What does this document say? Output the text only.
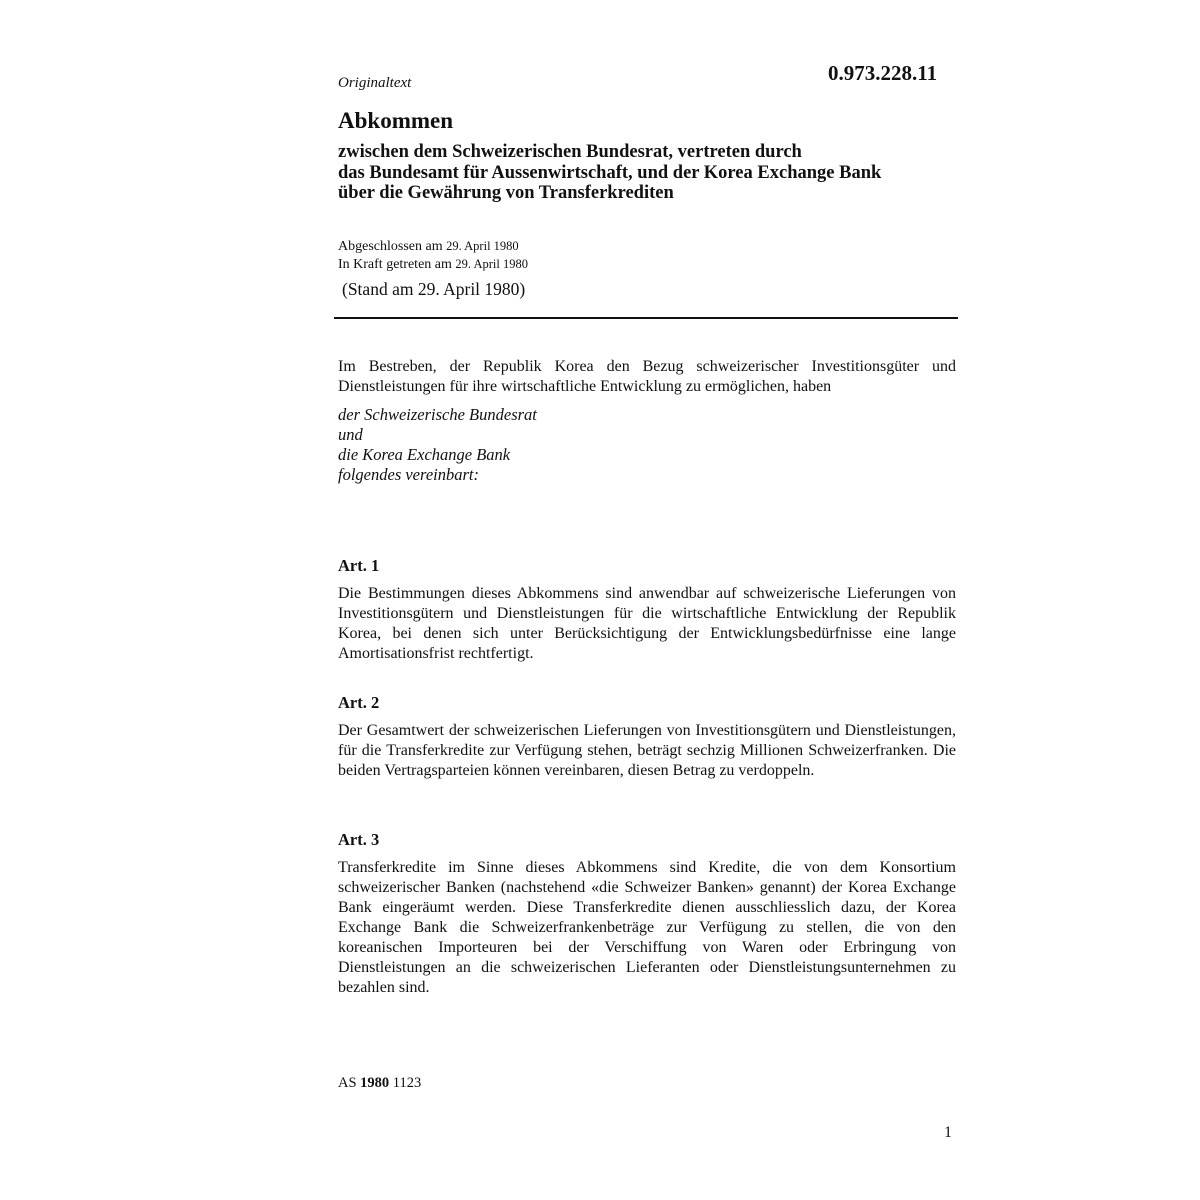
0.973.228.11
Originaltext
Abkommen
zwischen dem Schweizerischen Bundesrat, vertreten durch
das Bundesamt für Aussenwirtschaft, und der Korea Exchange Bank
über die Gewährung von Transferkrediten
Abgeschlossen am 29. April 1980
In Kraft getreten am 29. April 1980
(Stand am 29. April 1980)
Im Bestreben, der Republik Korea den Bezug schweizerischer Investitionsgüter und Dienstleistungen für ihre wirtschaftliche Entwicklung zu ermöglichen, haben
der Schweizerische Bundesrat
und
die Korea Exchange Bank
folgendes vereinbart:
Art. 1
Die Bestimmungen dieses Abkommens sind anwendbar auf schweizerische Lieferungen von Investitionsgütern und Dienstleistungen für die wirtschaftliche Entwicklung der Republik Korea, bei denen sich unter Berücksichtigung der Entwicklungsbedürfnisse eine lange Amortisationsfrist rechtfertigt.
Art. 2
Der Gesamtwert der schweizerischen Lieferungen von Investitionsgütern und Dienstleistungen, für die Transferkredite zur Verfügung stehen, beträgt sechzig Millionen Schweizerfranken. Die beiden Vertragsparteien können vereinbaren, diesen Betrag zu verdoppeln.
Art. 3
Transferkredite im Sinne dieses Abkommens sind Kredite, die von dem Konsortium schweizerischer Banken (nachstehend «die Schweizer Banken» genannt) der Korea Exchange Bank eingeräumt werden. Diese Transferkredite dienen ausschliesslich dazu, der Korea Exchange Bank die Schweizerfrankenbeträge zur Verfügung zu stellen, die von den koreanischen Importeuren bei der Verschiffung von Waren oder Erbringung von Dienstleistungen an die schweizerischen Lieferanten oder Dienstleistungsunternehmen zu bezahlen sind.
AS 1980 1123
1
